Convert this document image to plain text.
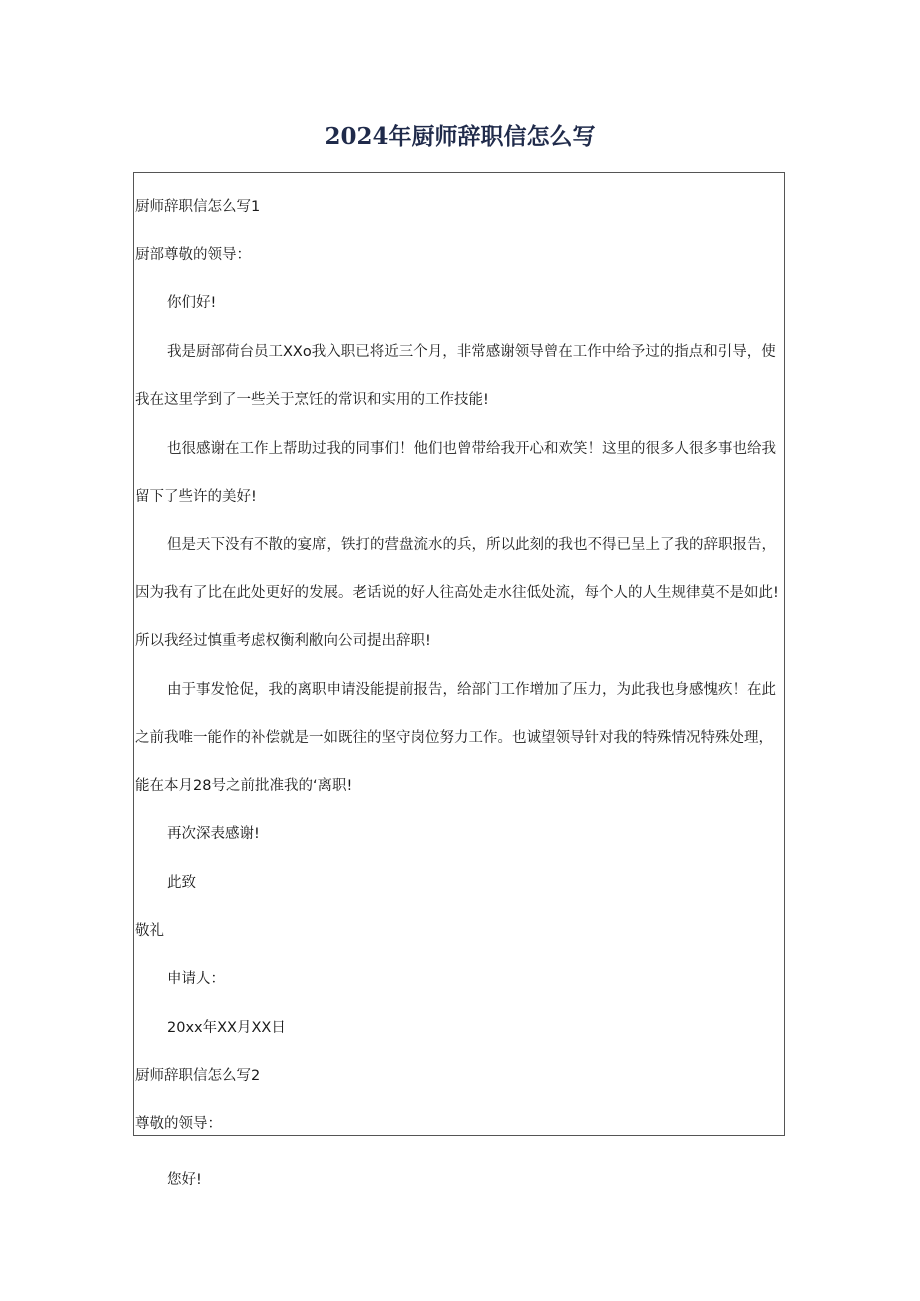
2024年厨师辞职信怎么写
厨师辞职信怎么写1
厨部尊敬的领导：
你们好!
我是厨部荷台员工XXo我入职已将近三个月，非常感谢领导曾在工作中给予过的指点和引导，使
我在这里学到了一些关于烹饪的常识和实用的工作技能!
也很感谢在工作上帮助过我的同事们！他们也曾带给我开心和欢笑！这里的很多人很多事也给我
留下了些许的美好!
但是天下没有不散的宴席，铁打的营盘流水的兵，所以此刻的我也不得已呈上了我的辞职报告，
因为我有了比在此处更好的发展。老话说的好人往高处走水往低处流，每个人的人生规律莫不是如此!
所以我经过慎重考虑权衡利敝向公司提出辞职!
由于事发怆促，我的离职申请没能提前报告，给部门工作增加了压力，为此我也身感愧疚！在此
之前我唯一能作的补偿就是一如既往的坚守岗位努力工作。也诚望领导针对我的特殊情况特殊处理，
能在本月28号之前批准我的‘离职!
再次深表感谢!
此致
敬礼
申请人：
20xx年XX月XX日
厨师辞职信怎么写2
尊敬的领导：
您好!
